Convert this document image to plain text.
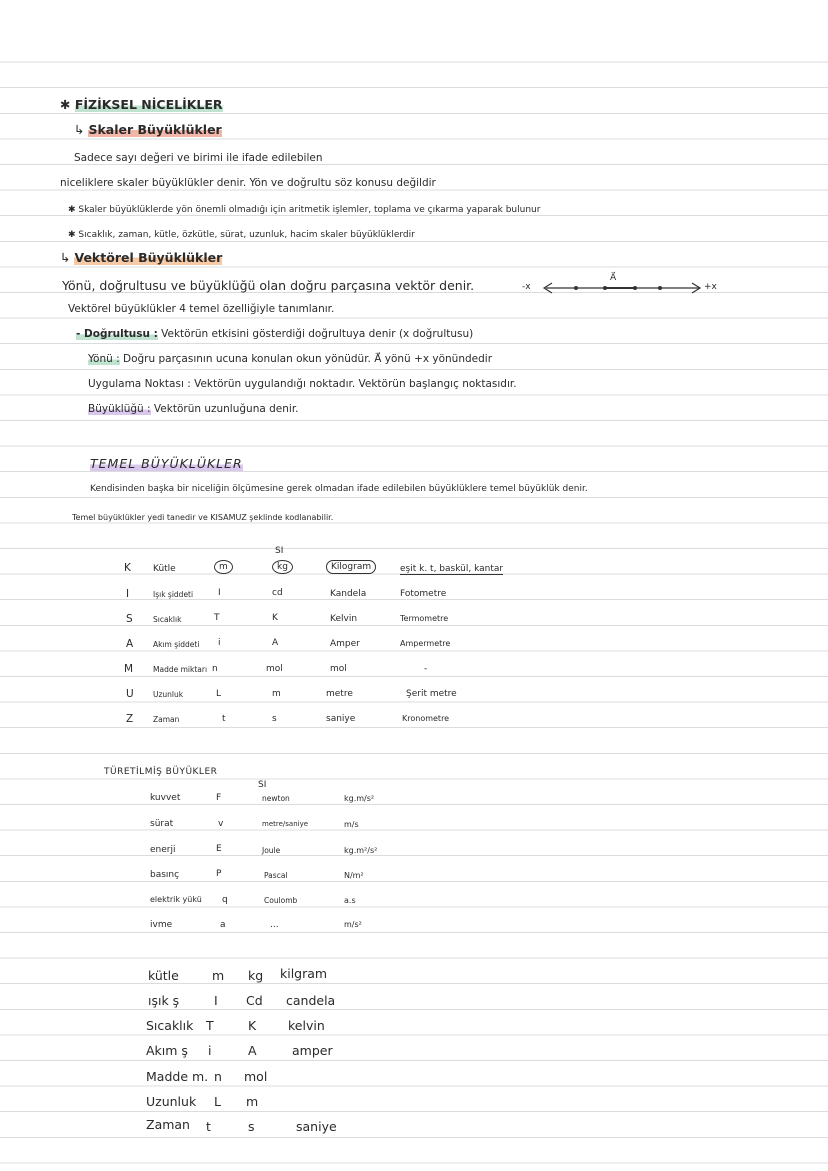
✱ FİZİKSEL NİCELİKLER
↳ Skaler Büyüklükler
Sadece sayı değeri ve birimi ile ifade edilebilen
niceliklere skaler büyüklükler denir. Yön ve doğrultu söz konusu değildir
✱ Skaler büyüklüklerde yön önemli olmadığı için aritmetik işlemler, toplama ve çıkarma yaparak bulunur
✱ Sıcaklık, zaman, kütle, özkütle, sürat, uzunluk, hacim skaler büyüklüklerdir
↳ Vektörel Büyüklükler
Yönü, doğrultusu ve büyüklüğü olan doğru parçasına vektör denir.	-x	+x
A⃗
Vektörel büyüklükler 4 temel özelliğiyle tanımlanır.
- Doğrultusu : Vektörün etkisini gösterdiği doğrultuya denir (x doğrultusu)
Yönü : Doğru parçasının ucuna konulan okun yönüdür. A⃗ yönü +x yönündedir
Uygulama Noktası : Vektörün uygulandığı noktadır. Vektörün başlangıç noktasıdır.
Büyüklüğü : Vektörün uzunluğuna denir.
TEMEL BÜYÜKLÜKLER
Kendisinden başka bir niceliğin ölçümesine gerek olmadan ifade edilebilen büyüklüklere temel büyüklük denir.
Temel büyüklükler yedi tanedir ve KISAMUZ şeklinde kodlanabilir.
SI
K Kütle	m	kg	Kilogram	eşit k. t, baskül, kantar
I	Işık şiddeti	I	cd	Kandela	Fotometre
S	Sıcaklık	T	K	Kelvin	Termometre
A	Akım şiddeti i	A	Amper	Ampermetre
M	Madde miktarı n	mol	mol	-
U	Uzunluk	L	m	metre	Şerit metre
Z	Zaman	t	s	saniye	Kronometre
TÜRETİLMİŞ BÜYÜKLER
SI
kuvvet	F	newton	kg.m/s²
sürat	v	metre/saniye	m/s
enerji	E	Joule	kg.m²/s²
basınç	P	Pascal	N/m²
elektrik yükü q	Coulomb	a.s
ivme	a	...	m/s²
kütle	m kg kilgram
ışık ş	I Cd candela
Sıcaklık T	K	kelvin
Akım ş i	A	amper
Madde m. n mol
Uzunluk L m
Zaman t	s	saniye
